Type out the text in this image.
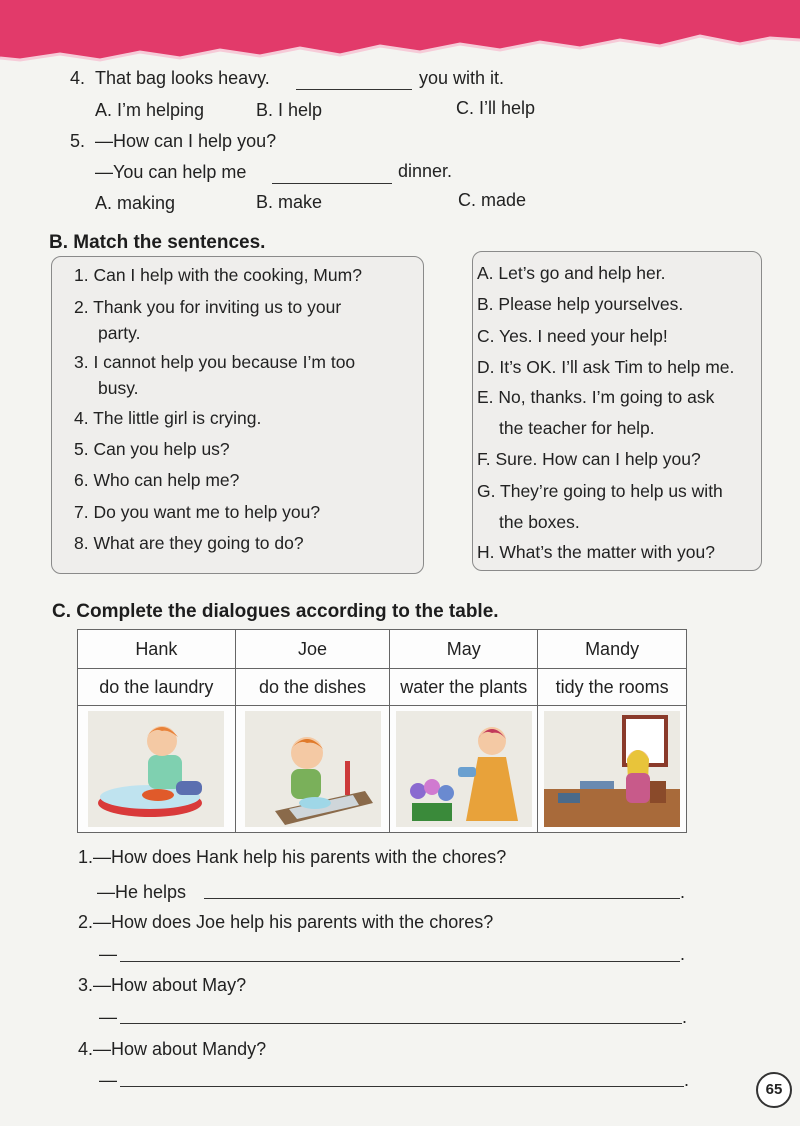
4. That bag looks heavy.	you with it.
A. I’m helping	B. I help	C. I’ll help
5. —How can I help you?
—You can help me	dinner.
A. making	B. make	C. made
B. Match the sentences.
1. Can I help with the cooking, Mum?
2. Thank you for inviting us to your
party.
3. I cannot help you because I’m too
busy.
4. The little girl is crying.
5. Can you help us?
6. Who can help me?
7. Do you want me to help you?
8. What are they going to do?
A. Let’s go and help her.
B. Please help yourselves.
C. Yes. I need your help!
D. It’s OK. I’ll ask Tim to help me.
E. No, thanks. I’m going to ask
the teacher for help.
F. Sure. How can I help you?
G. They’re going to help us with
the boxes.
H. What’s the matter with you?
C. Complete the dialogues according to the table.
Hank	Joe	May	Mandy
do the laundry	do the dishes	water the plants	tidy the rooms

1.—How does Hank help his parents with the chores?
—He helps	.
2.—How does Joe help his parents with the chores?
—	.
3.—How about May?
—	.
4.—How about Mandy?
—	.	65
